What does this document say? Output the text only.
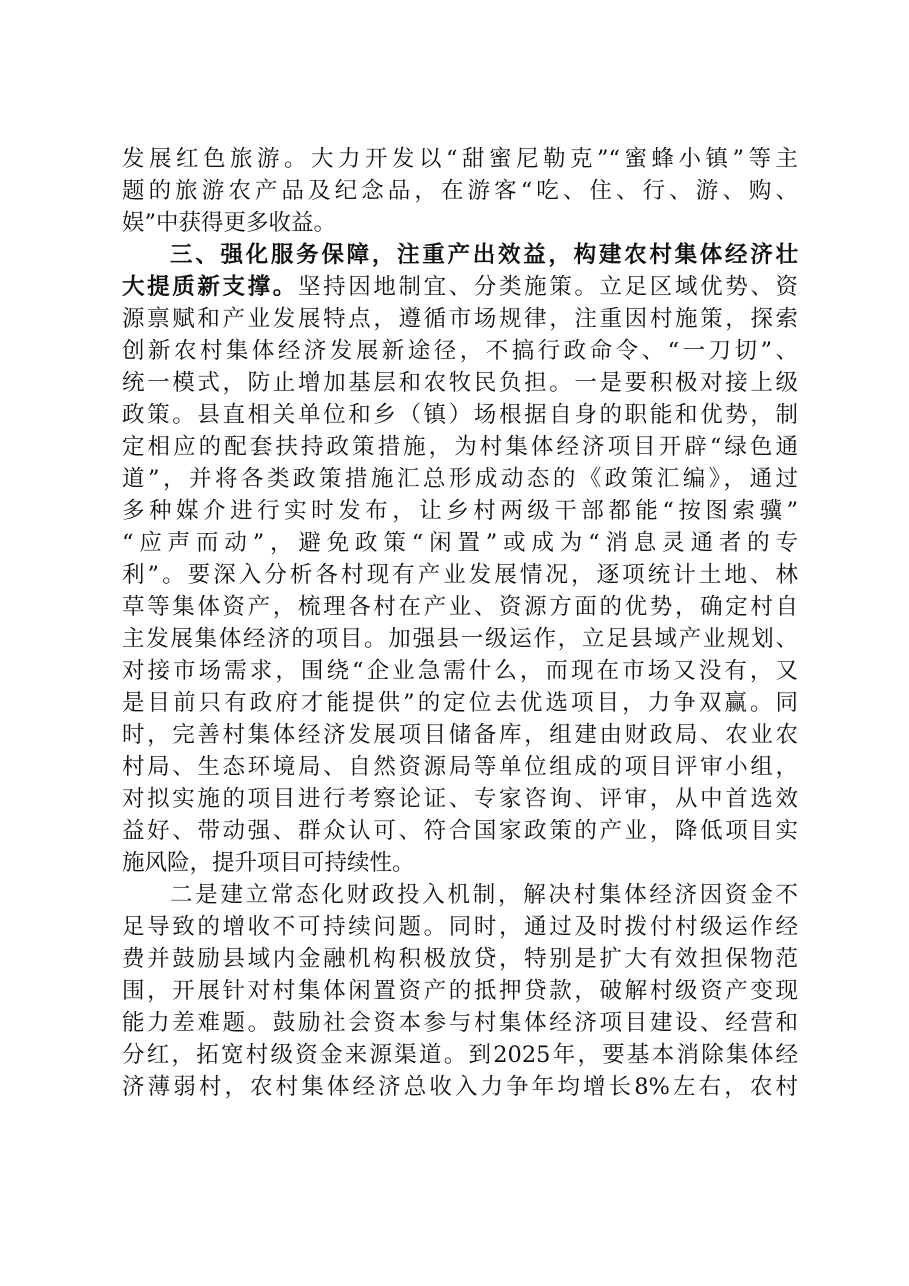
发展红色旅游。大力开发以“甜蜜尼勒克”“蜜蜂小镇”等主
题的旅游农产品及纪念品，在游客“吃、住、行、游、购、
娱”中获得更多收益。
三、强化服务保障，注重产出效益，构建农村集体经济壮
大提质新支撑。坚持因地制宜、分类施策。立足区域优势、资
源禀赋和产业发展特点，遵循市场规律，注重因村施策，探索
创新农村集体经济发展新途径，不搞行政命令、“一刀切”、
统一模式，防止增加基层和农牧民负担。一是要积极对接上级
政策。县直相关单位和乡（镇）场根据自身的职能和优势，制
定相应的配套扶持政策措施，为村集体经济项目开辟“绿色通
道”，并将各类政策措施汇总形成动态的《政策汇编》，通过
多种媒介进行实时发布，让乡村两级干部都能“按图索骥”
“应声而动”，避免政策“闲置”或成为“消息灵通者的专
利”。要深入分析各村现有产业发展情况，逐项统计土地、林
草等集体资产，梳理各村在产业、资源方面的优势，确定村自
主发展集体经济的项目。加强县一级运作，立足县域产业规划、
对接市场需求，围绕“企业急需什么，而现在市场又没有，又
是目前只有政府才能提供”的定位去优选项目，力争双赢。同
时，完善村集体经济发展项目储备库，组建由财政局、农业农
村局、生态环境局、自然资源局等单位组成的项目评审小组，
对拟实施的项目进行考察论证、专家咨询、评审，从中首选效
益好、带动强、群众认可、符合国家政策的产业，降低项目实
施风险，提升项目可持续性。
二是建立常态化财政投入机制，解决村集体经济因资金不
足导致的增收不可持续问题。同时，通过及时拨付村级运作经
费并鼓励县域内金融机构积极放贷，特别是扩大有效担保物范
围，开展针对村集体闲置资产的抵押贷款，破解村级资产变现
能力差难题。鼓励社会资本参与村集体经济项目建设、经营和
分红，拓宽村级资金来源渠道。到2025年，要基本消除集体经
济薄弱村，农村集体经济总收入力争年均增长8%左右，农村
